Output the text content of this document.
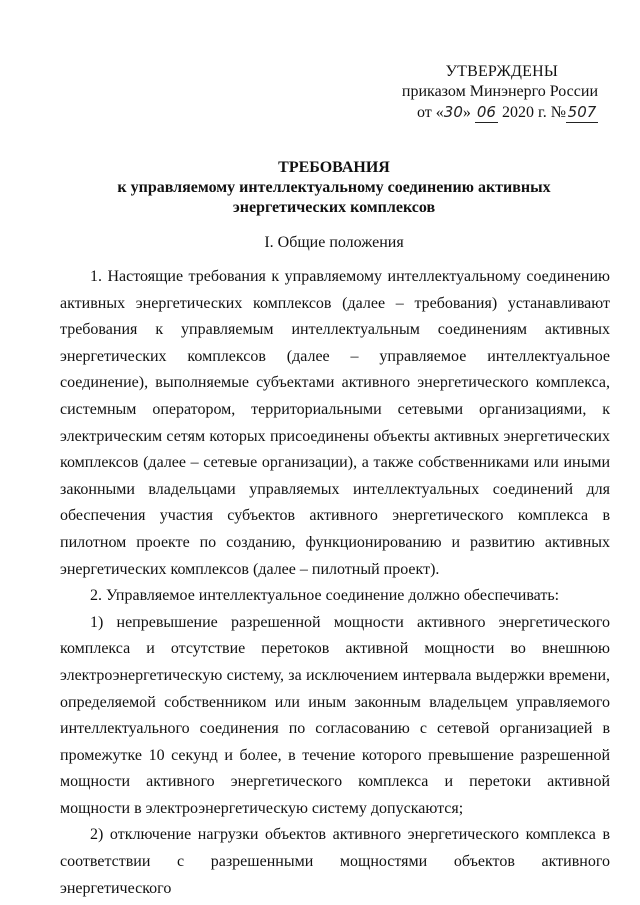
УТВЕРЖДЕНЫ
приказом Минэнерго России
от «30» 06 2020 г. № 507
ТРЕБОВАНИЯ
к управляемому интеллектуальному соединению активных энергетических комплексов
I. Общие положения

1. Настоящие требования к управляемому интеллектуальному соединению активных энергетических комплексов (далее – требования) устанавливают требования к управляемым интеллектуальным соединениям активных энергетических комплексов (далее – управляемое интеллектуальное соединение), выполняемые субъектами активного энергетического комплекса, системным оператором, территориальными сетевыми организациями, к электрическим сетям которых присоединены объекты активных энергетических комплексов (далее – сетевые организации), а также собственниками или иными законными владельцами управляемых интеллектуальных соединений для обеспечения участия субъектов активного энергетического комплекса в пилотном проекте по созданию, функционированию и развитию активных энергетических комплексов (далее – пилотный проект).

2. Управляемое интеллектуальное соединение должно обеспечивать:

1) непревышение разрешенной мощности активного энергетического комплекса и отсутствие перетоков активной мощности во внешнюю электроэнергетическую систему, за исключением интервала выдержки времени, определяемой собственником или иным законным владельцем управляемого интеллектуального соединения по согласованию с сетевой организацией в промежутке 10 секунд и более, в течение которого превышение разрешенной мощности активного энергетического комплекса и перетоки активной мощности в электроэнергетическую систему допускаются;

2) отключение нагрузки объектов активного энергетического комплекса в соответствии с разрешенными мощностями объектов активного энергетического
